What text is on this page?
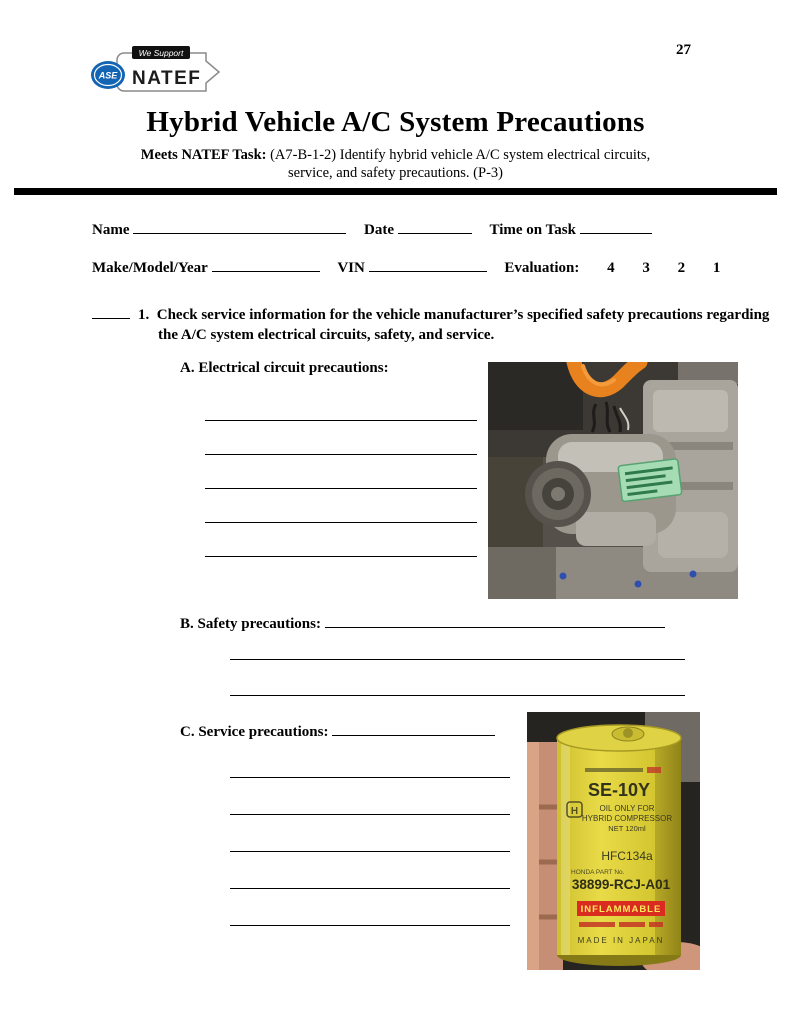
27
ASE
We Support
NATEF
Hybrid Vehicle A/C System Precautions
Meets NATEF Task: (A7-B-1-2) Identify hybrid vehicle A/C system electrical circuits,
service, and safety precautions. (P-3)
Name	Date	Time on Task
Make/Model/Year	VIN	Evaluation: 4 3 2 1
1. Check service information for the vehicle manufacturer’s specified safety precautions regarding the A/C system electrical circuits, safety, and service.
A. Electrical circuit precautions:
B. Safety precautions:
C. Service precautions:
SE-10Y
H	OIL ONLY FOR
HYBRID COMPRESSOR
NET 120ml
HFC134a
HONDA PART No.
38899-RCJ-A01
INFLAMMABLE
MADE IN JAPAN
